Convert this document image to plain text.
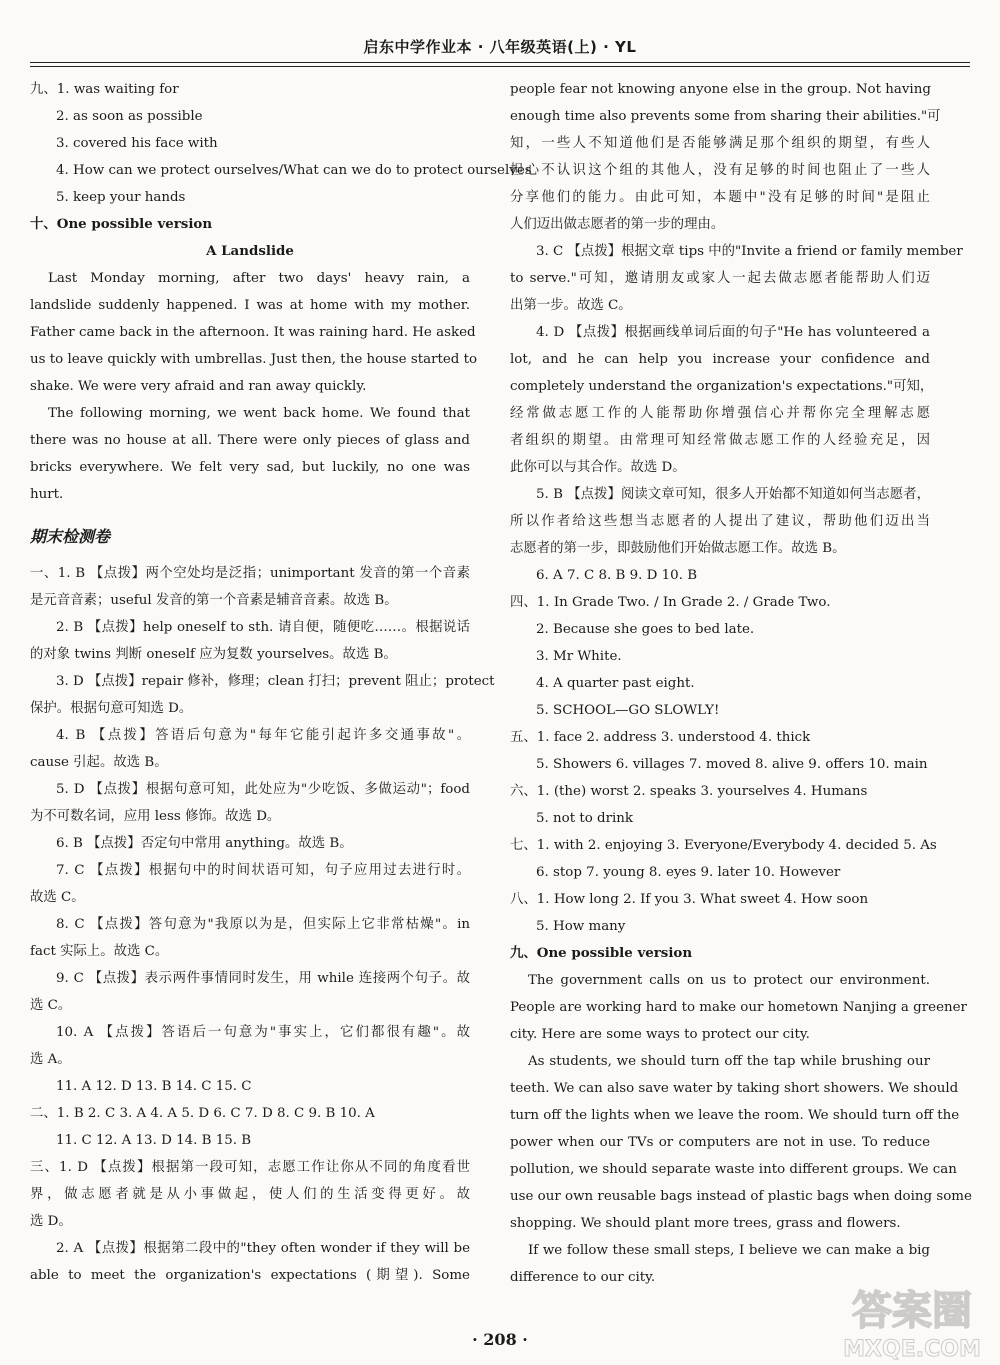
启东中学作业本 · 八年级英语(上) · YL
九、1. was waiting for
2. as soon as possible
3. covered his face with
4. How can we protect ourselves/What can we do to protect ourselves
5. keep your hands
十、One possible version
A Landslide
Last Monday morning, after two days' heavy rain, a
landslide suddenly happened. I was at home with my mother.
Father came back in the afternoon. It was raining hard. He asked
us to leave quickly with umbrellas. Just then, the house started to
shake. We were very afraid and ran away quickly.
The following morning, we went back home. We found that
there was no house at all. There were only pieces of glass and
bricks everywhere. We felt very sad, but luckily, no one was
hurt.
期末检测卷
一、1. B 【点拨】两个空处均是泛指；unimportant 发音的第一个音素
是元音音素；useful 发音的第一个音素是辅音音素。故选 B。
2. B 【点拨】help oneself to sth. 请自便，随便吃……。根据说话
的对象 twins 判断 oneself 应为复数 yourselves。故选 B。
3. D 【点拨】repair 修补，修理；clean 打扫；prevent 阻止；protect
保护。根据句意可知选 D。
4. B 【点拨】答语后句意为"每年它能引起许多交通事故"。
cause 引起。故选 B。
5. D 【点拨】根据句意可知，此处应为"少吃饭、多做运动"；food
为不可数名词，应用 less 修饰。故选 D。
6. B 【点拨】否定句中常用 anything。故选 B。
7. C 【点拨】根据句中的时间状语可知，句子应用过去进行时。
故选 C。
8. C 【点拨】答句意为"我原以为是，但实际上它非常枯燥"。in
fact 实际上。故选 C。
9. C 【点拨】表示两件事情同时发生，用 while 连接两个句子。故
选 C。
10. A 【点拨】答语后一句意为"事实上，它们都很有趣"。故
选 A。
11. A 12. D 13. B 14. C 15. C
二、1. B 2. C 3. A 4. A 5. D 6. C 7. D 8. C 9. B 10. A
11. C 12. A 13. D 14. B 15. B
三、1. D 【点拨】根据第一段可知，志愿工作让你从不同的角度看世
界，做志愿者就是从小事做起，使人们的生活变得更好。故
选 D。
2. A 【点拨】根据第二段中的"they often wonder if they will be
able to meet the organization's expectations (期望). Some
people fear not knowing anyone else in the group. Not having
enough time also prevents some from sharing their abilities."可
知，一些人不知道他们是否能够满足那个组织的期望，有些人
担心不认识这个组的其他人，没有足够的时间也阻止了一些人
分享他们的能力。由此可知，本题中"没有足够的时间"是阻止
人们迈出做志愿者的第一步的理由。
3. C 【点拨】根据文章 tips 中的"Invite a friend or family member
to serve."可知，邀请朋友或家人一起去做志愿者能帮助人们迈
出第一步。故选 C。
4. D 【点拨】根据画线单词后面的句子"He has volunteered a
lot, and he can help you increase your confidence and
completely understand the organization's expectations."可知，
经常做志愿工作的人能帮助你增强信心并帮你完全理解志愿
者组织的期望。由常理可知经常做志愿工作的人经验充足，因
此你可以与其合作。故选 D。
5. B 【点拨】阅读文章可知，很多人开始都不知道如何当志愿者，
所以作者给这些想当志愿者的人提出了建议，帮助他们迈出当
志愿者的第一步，即鼓励他们开始做志愿工作。故选 B。
6. A 7. C 8. B 9. D 10. B
四、1. In Grade Two. / In Grade 2. / Grade Two.
2. Because she goes to bed late.
3. Mr White.
4. A quarter past eight.
5. SCHOOL—GO SLOWLY!
五、1. face 2. address 3. understood 4. thick
5. Showers 6. villages 7. moved 8. alive 9. offers 10. main
六、1. (the) worst 2. speaks 3. yourselves 4. Humans
5. not to drink
七、1. with 2. enjoying 3. Everyone/Everybody 4. decided 5. As
6. stop 7. young 8. eyes 9. later 10. However
八、1. How long 2. If you 3. What sweet 4. How soon
5. How many
九、One possible version
The government calls on us to protect our environment.
People are working hard to make our hometown Nanjing a greener
city. Here are some ways to protect our city.
As students, we should turn off the tap while brushing our
teeth. We can also save water by taking short showers. We should
turn off the lights when we leave the room. We should turn off the
power when our TVs or computers are not in use. To reduce
pollution, we should separate waste into different groups. We can
use our own reusable bags instead of plastic bags when doing some
shopping. We should plant more trees, grass and flowers.
If we follow these small steps, I believe we can make a big
difference to our city.
· 208 ·
答案圈
MXQE.COM
